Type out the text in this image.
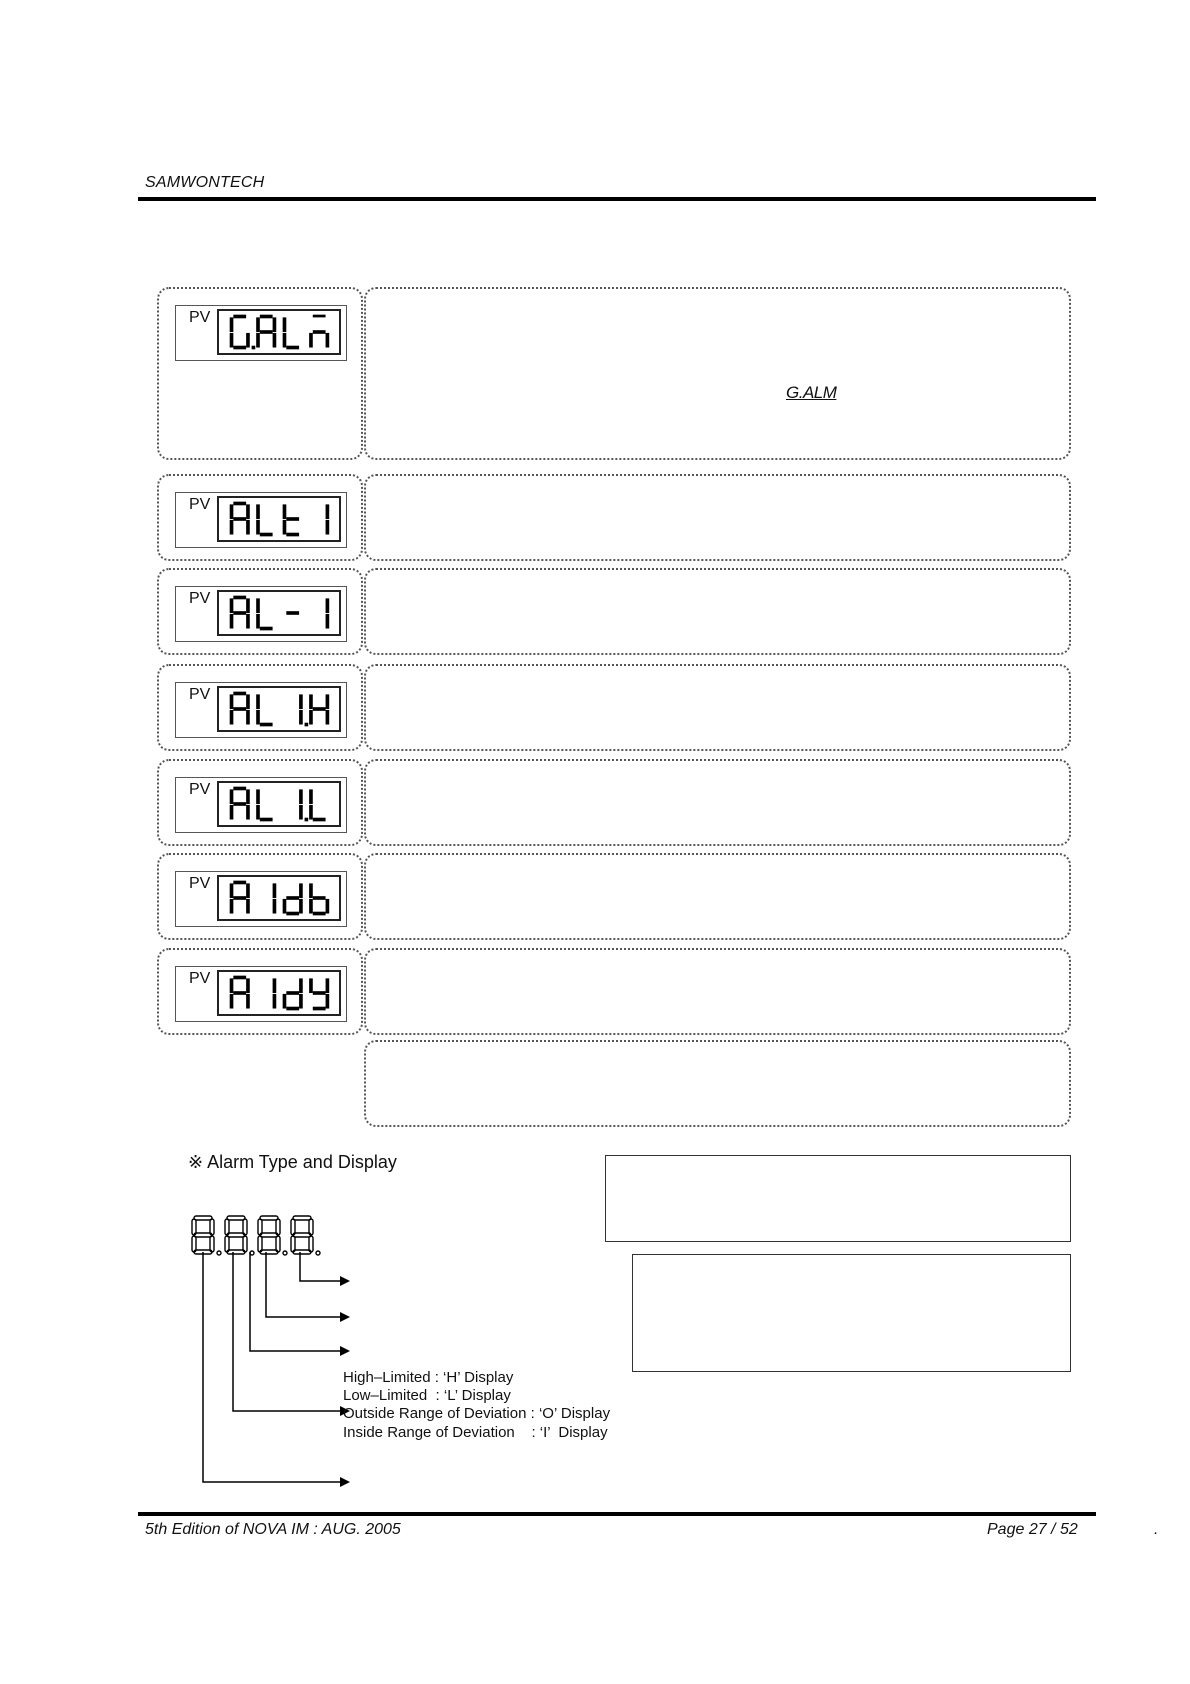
SAMWONTECH
PV
PV
PV
PV
PV
PV
PV
G.ALM
※ Alarm Type and Display
High–Limited : ‘H’ Display
Low–Limited  : ‘L’ Display
Outside Range of Deviation : ‘O’ Display
Inside Range of Deviation    : ‘I’  Display
5th Edition of NOVA IM : AUG. 2005	Page 27 / 52	.
